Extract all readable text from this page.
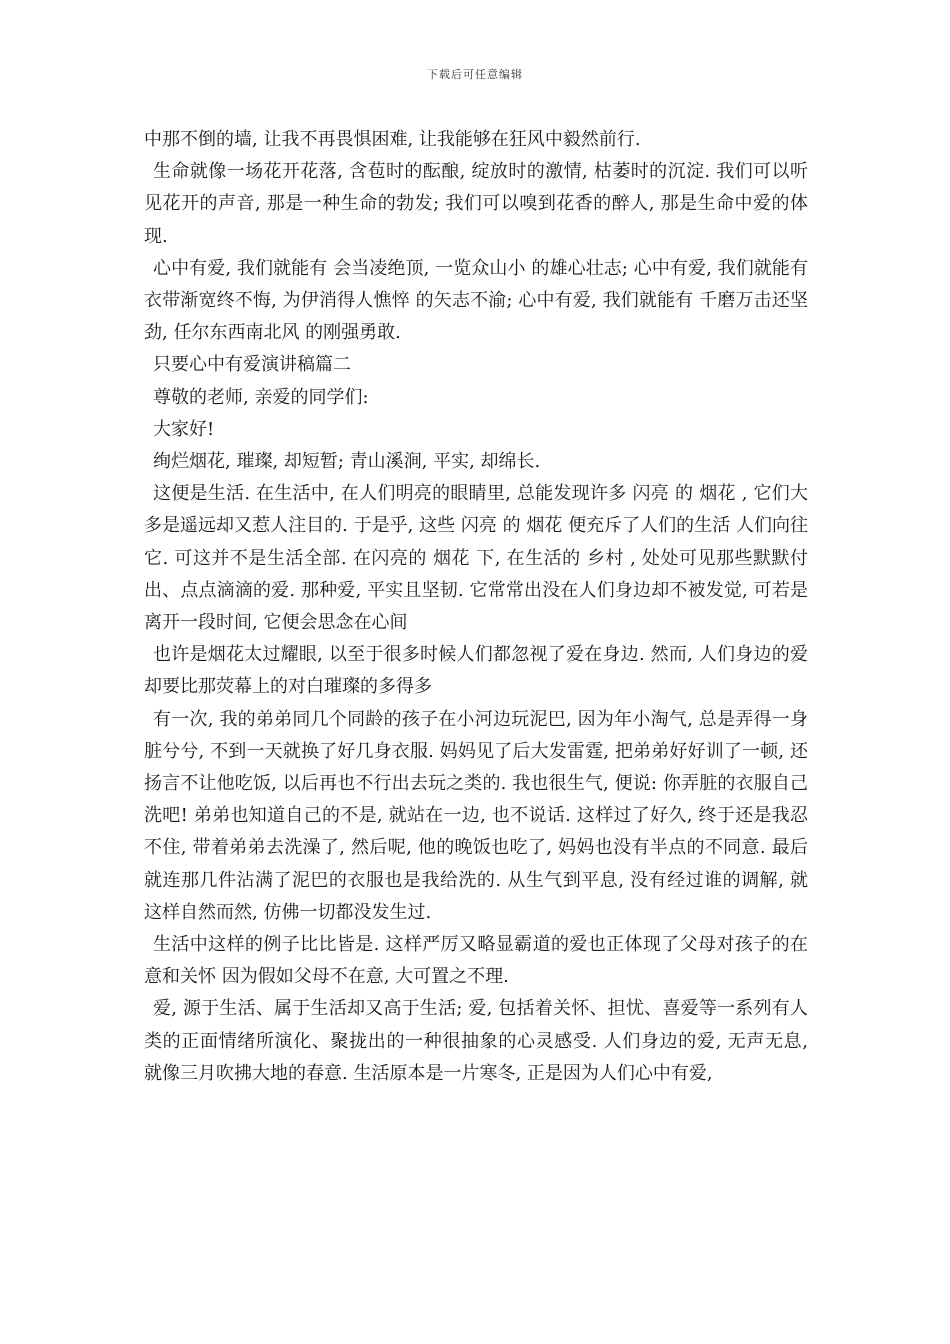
下载后可任意编辑

中那不倒的墙, 让我不再畏惧困难, 让我能够在狂风中毅然前行.

生命就像一场花开花落, 含苞时的酝酿, 绽放时的激情, 枯萎时的沉淀. 我们可以听见花开的声音, 那是一种生命的勃发; 我们可以嗅到花香的醉人, 那是生命中爱的体现.

心中有爱, 我们就能有 会当凌绝顶, 一览众山小 的雄心壮志; 心中有爱, 我们就能有 衣带渐宽终不悔, 为伊消得人憔悴 的矢志不渝; 心中有爱, 我们就能有 千磨万击还坚劲, 任尔东西南北风 的刚强勇敢.

只要心中有爱演讲稿篇二

尊敬的老师, 亲爱的同学们:

大家好!

绚烂烟花, 璀璨, 却短暂; 青山溪涧, 平实, 却绵长.

这便是生活. 在生活中, 在人们明亮的眼睛里, 总能发现许多 闪亮 的 烟花 , 它们大多是遥远却又惹人注目的. 于是乎, 这些 闪亮 的 烟花 便充斥了人们的生活 人们向往它. 可这并不是生活全部. 在闪亮的 烟花 下, 在生活的 乡村 , 处处可见那些默默付出、点点滴滴的爱. 那种爱, 平实且坚韧. 它常常出没在人们身边却不被发觉, 可若是离开一段时间, 它便会思念在心间

也许是烟花太过耀眼, 以至于很多时候人们都忽视了爱在身边. 然而, 人们身边的爱却要比那荧幕上的对白璀璨的多得多

有一次, 我的弟弟同几个同龄的孩子在小河边玩泥巴, 因为年小淘气, 总是弄得一身脏兮兮, 不到一天就换了好几身衣服. 妈妈见了后大发雷霆, 把弟弟好好训了一顿, 还扬言不让他吃饭, 以后再也不行出去玩之类的. 我也很生气, 便说: 你弄脏的衣服自己洗吧! 弟弟也知道自己的不是, 就站在一边, 也不说话. 这样过了好久, 终于还是我忍不住, 带着弟弟去洗澡了, 然后呢, 他的晚饭也吃了, 妈妈也没有半点的不同意. 最后就连那几件沾满了泥巴的衣服也是我给洗的. 从生气到平息, 没有经过谁的调解, 就这样自然而然, 仿佛一切都没发生过.

生活中这样的例子比比皆是. 这样严厉又略显霸道的爱也正体现了父母对孩子的在意和关怀 因为假如父母不在意, 大可置之不理.

爱, 源于生活、属于生活却又高于生活; 爱, 包括着关怀、担忧、喜爱等一系列有人类的正面情绪所演化、聚拢出的一种很抽象的心灵感受. 人们身边的爱, 无声无息, 就像三月吹拂大地的春意. 生活原本是一片寒冬, 正是因为人们心中有爱,
